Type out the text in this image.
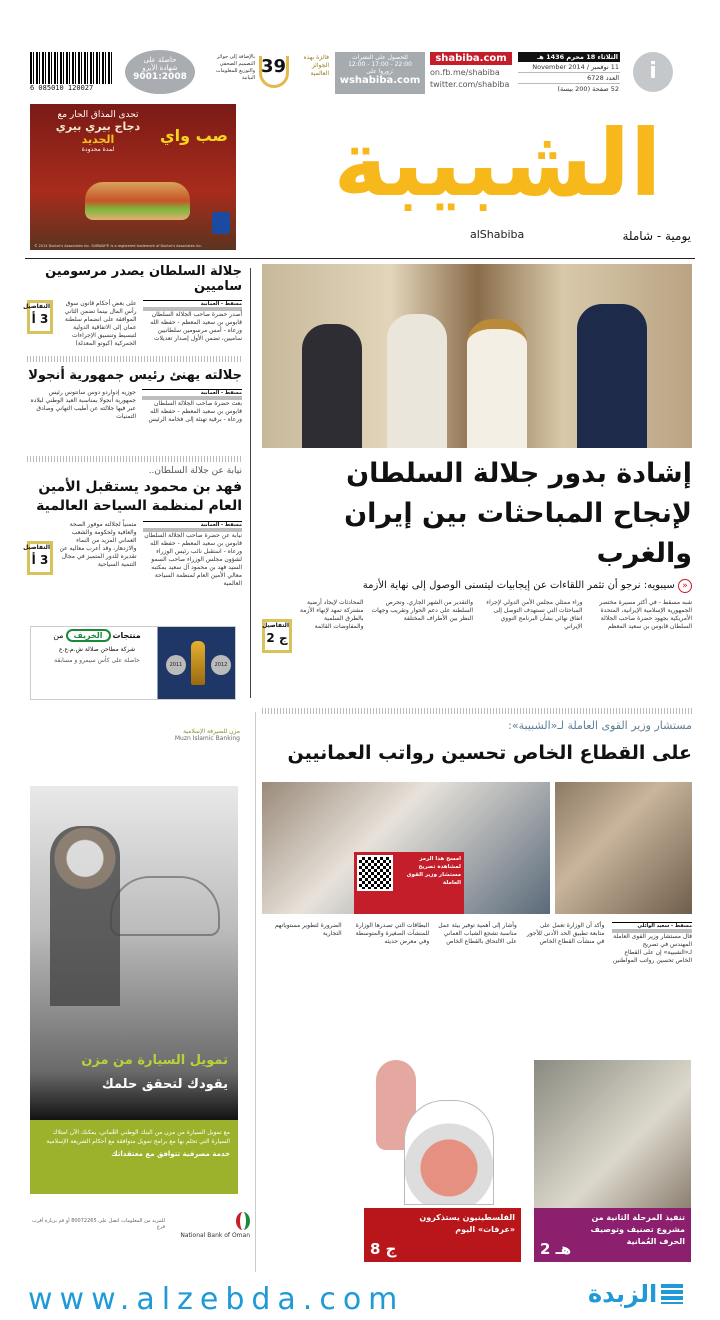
6 085010 120027
حاصلة على
شهادة الأيزو
9001:2008
بالإضافة إلى جوائز التصميم الصحفي والتوزيع للمعلومات البيانية
39	فائزة بهذه الجوائز العالمية
للحصول على النشرات
12:00 - 17:00 - 22:00
زوروا على:
wshabiba.com
shabiba.com
on.fb.me/shabiba
twitter.com/shabiba
الثلاثاء 18 محرم 1436 هـ
11 نوفمبر / 2014 November
العدد 6728
52 صفحة (200 بيسة)
i
صب واي
تحدى المذاق الحار مع
دجاج بيري بيري
الجديد
لمدة محدودة
© 2014 Doctor's Associates Inc. SUBWAY® is a registered trademark of Doctor's Associates Inc.
الشبيبة
alShabiba	يومية - شاملة
جلالة السلطان يصدر مرسومين ساميين
مسقط - العمانية
أصدر حضرة صاحب الجلالة السلطان قابوس بن سعيد المعظم - حفظه الله ورعاه - أمس مرسومين سلطانيين ساميين، تضمن الأول إصدار تعديلات
على بعض أحكام قانون سوق رأس المال بينما تضمن الثاني الموافقة على انضمام سلطنة عمان إلى الاتفاقية الدولية لتبسيط وتنسيق الإجراءات الجمركية (كيوتو المعدلة)
التفاصيل
3 أ
جلالته يهنئ رئيس جمهورية أنجولا
مسقط - العمانية
بعث حضرة صاحب الجلالة السلطان قابوس بن سعيد المعظم - حفظه الله ورعاه - برقية تهنئة إلى فخامة الرئيس
جوزيه إدواردو دوس سانتوس رئيس جمهورية أنجولا بمناسبة العيد الوطني لبلاده عبر فيها جلالته عن أطيب التهاني وصادق التمنيات
نيابة عن جلالة السلطان..
فهد بن محمود يستقبل الأمين العام لمنظمة السياحة العالمية
مسقط - العمانية
نيابة عن حضرة صاحب الجلالة السلطان قابوس بن سعيد المعظم - حفظه الله ورعاه - استقبل نائب رئيس الوزراء لشؤون مجلس الوزراء صاحب السمو السيد فهد بن محمود آل سعيد بمكتبه معالي الأمين العام لمنظمة السياحة العالمية
متمنياً لجلالته موفور الصحة والعافية ولحكومة والشعب العماني المزيد من النماء والازدهار، وقد أعرب معاليه عن تقديره للدور المتميز في مجال التنمية السياحية
التفاصيل
3 أ
منتجات الخريف من
شركة مطاحن صلالة ش.م.ع.ع
حاصلة على كأس سيمرو و مسابقة
2011	2012
إشادة بدور جلالة السلطان لإنجاح المباحثات بين إيران والغرب
« سيبويه: نرجو أن تثمر اللقاءات عن إيجابيات ليتسنى الوصول إلى نهاية الأزمة
شبه مسقط - في أكثر مسيرة مختصر الجمهورية الإسلامية الإيرانية، المتحدة الأمريكية بجهود حضرة صاحب الجلالة السلطان قابوس بن سعيد المعظم
وراء ممثلي مجلس الأمن الدولي لإجراء المباحثات التي تستهدف التوصل إلى اتفاق نهائي بشأن البرنامج النووي الإيراني
والتقدير من الشهر الجاري. وتحرص السلطنة على دعم الحوار وتقريب وجهات النظر بين الأطراف المختلفة
المحادثات لإيجاد أرضية مشتركة تمهد لإنهاء الأزمة بالطرق السلمية والمفاوضات القائمة
التفاصيل
ج 2
مزن للصيرفة الإسلامية
Muzn Islamic Banking
تمويل السيارة من مزن
يقودك لتحقق حلمك
مع تمويل السيارة من مزن من البنك الوطني العُماني، يمكنك الآن امتلاك السيارة التي تحلم بها مع برامج تمويل متوافقة مع أحكام الشريعة الإسلامية
خدمة مصرفية تتوافق مع معتقداتك
للمزيد من المعلومات اتصل على 80072265 أو قم بزيارة أقرب فرع
National Bank of Oman
مستشار وزير القوى العاملة لـ«الشبيبة»:
على القطاع الخاص تحسين رواتب العمانيين
امسح هذا الرمز لمشاهدة تصريح مستشار وزير القوى العاملة
مسقط - سعيد الوائلي
قال مستشار وزير القوى العاملة المهندس في تصريح لـ«الشبيبة» إن على القطاع الخاص تحسين رواتب المواطنين
وأكد أن الوزارة تعمل على متابعة تطبيق الحد الأدنى للأجور في منشآت القطاع الخاص
وأشار إلى أهمية توفير بيئة عمل مناسبة تشجع الشباب العماني على الالتحاق بالقطاع الخاص
البطاقات التي تصدرها الوزارة للمنشآت الصغيرة والمتوسطة وفي معرض حديثه
الضرورة لتطوير مستوياتهم التجارية
هـ 2
تنفيذ المرحلة الثانية من مشروع تصنيف وتوصيف الحرف العُمانية
ج 8
الفلسطينيون يستذكرون «عرفات» اليوم
www.alzebda.com	الزبدة
